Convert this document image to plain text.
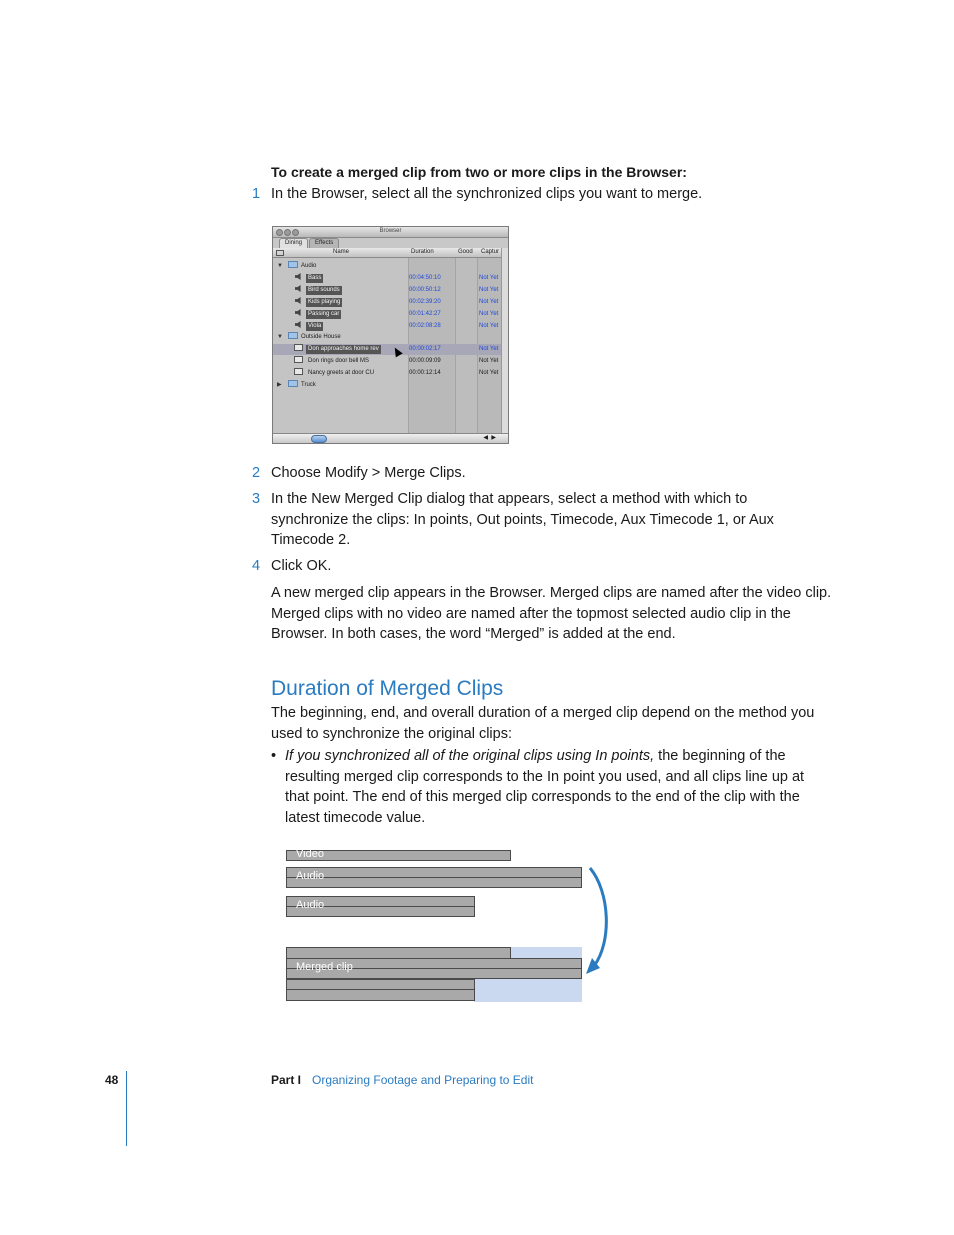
To create a merged clip from two or more clips in the Browser:
1 In the Browser, select all the synchronized clips you want to merge.
Browser
Dining	Effects
Name	Duration	Good Captur
▼	Audio
Bass	00:04:50:10	Not Yet
Bird sounds	00:00:50:12	Not Yet
Kids playing	00:02:39:20	Not Yet
Passing car	00:01:42:27	Not Yet
Viola	00:02:08:28	Not Yet
▼	Outside House
Don approaches home rev	00:00:02:17	Not Yet
Don rings door bell MS	00:00:09:09	Not Yet
Nancy greets at door CU	00:00:12:14	Not Yet
▶	Truck
◀ ▶
2 Choose Modify > Merge Clips.
3 In the New Merged Clip dialog that appears, select a method with which to
synchronize the clips: In points, Out points, Timecode, Aux Timecode 1, or Aux
Timecode 2.
4 Click OK.
A new merged clip appears in the Browser. Merged clips are named after the video clip.
Merged clips with no video are named after the topmost selected audio clip in the
Browser. In both cases, the word “Merged” is added at the end.
Duration of Merged Clips
The beginning, end, and overall duration of a merged clip depend on the method you
used to synchronize the original clips:
• If you synchronized all of the original clips using In points, the beginning of the
resulting merged clip corresponds to the In point you used, and all clips line up at
that point. The end of this merged clip corresponds to the end of the clip with the
latest timecode value.
Video
Audio
Audio
Merged clip
48	Part I Organizing Footage and Preparing to Edit
